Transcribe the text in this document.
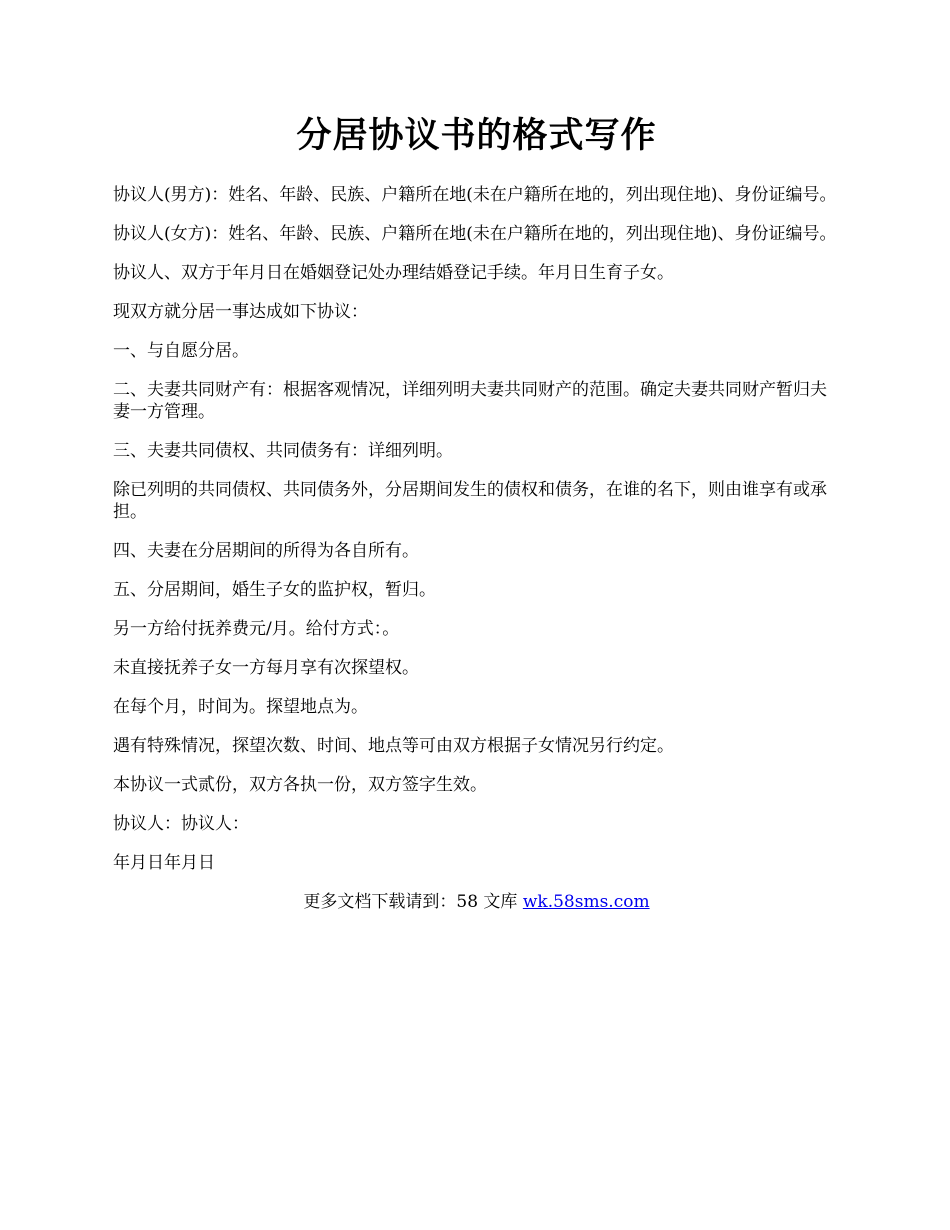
分居协议书的格式写作

协议人(男方)：姓名、年龄、民族、户籍所在地(未在户籍所在地的，列出现住地)、身份证编号。

协议人(女方)：姓名、年龄、民族、户籍所在地(未在户籍所在地的，列出现住地)、身份证编号。

协议人、双方于年月日在婚姻登记处办理结婚登记手续。年月日生育子女。

现双方就分居一事达成如下协议：

一、与自愿分居。

二、夫妻共同财产有：根据客观情况，详细列明夫妻共同财产的范围。确定夫妻共同财产暂归夫妻一方管理。

三、夫妻共同债权、共同债务有：详细列明。

除已列明的共同债权、共同债务外，分居期间发生的债权和债务，在谁的名下，则由谁享有或承担。

四、夫妻在分居期间的所得为各自所有。

五、分居期间，婚生子女的监护权，暂归。

另一方给付抚养费元/月。给付方式：。

未直接抚养子女一方每月享有次探望权。

在每个月，时间为。探望地点为。

遇有特殊情况，探望次数、时间、地点等可由双方根据子女情况另行约定。

本协议一式贰份，双方各执一份，双方签字生效。

协议人：协议人：

年月日年月日

更多文档下载请到：58 文库 wk.58sms.com
